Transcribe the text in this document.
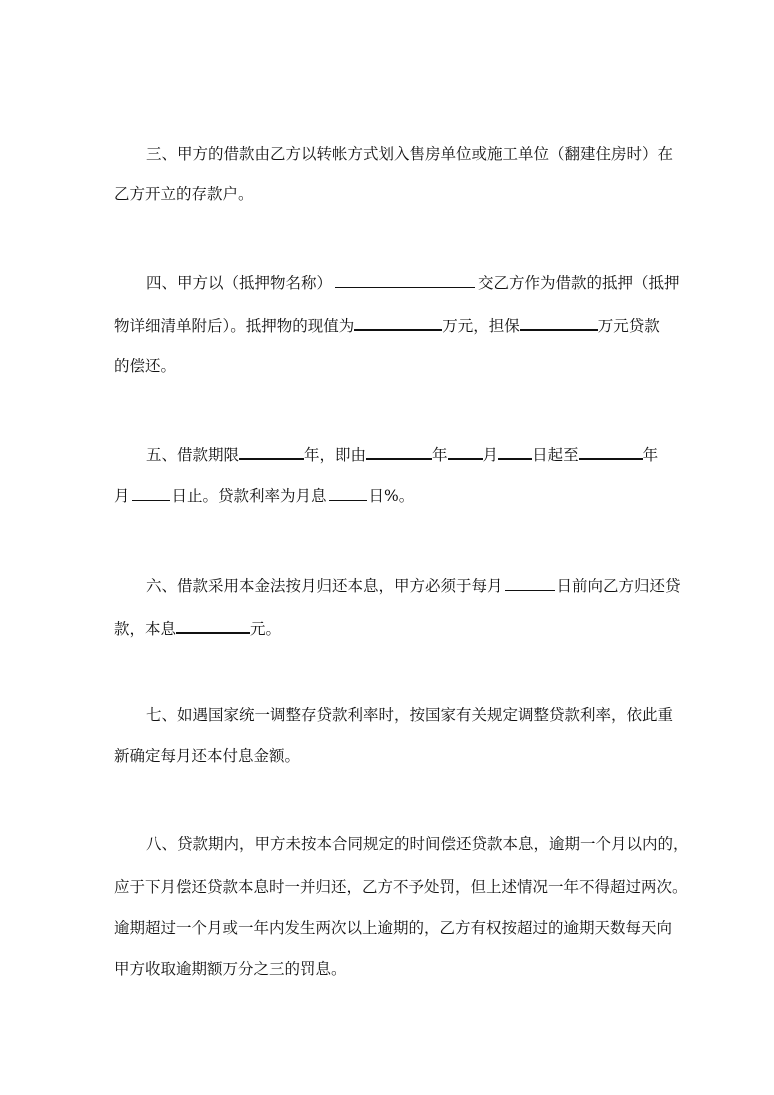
三、甲方的借款由乙方以转帐方式划入售房单位或施工单位（翻建住房时）在
乙方开立的存款户。
四、甲方以（抵押物名称）	交乙方作为借款的抵押（抵押
物详细清单附后）。抵押物的现值为	万元，担保	万元贷款
的偿还。
五、借款期限	年，即由	年 月 日起至	年
月	日止。贷款利率为月息	日%。
六、借款采用本金法按月归还本息，甲方必须于每月	日前向乙方归还贷
款，本息	元。
七、如遇国家统一调整存贷款利率时，按国家有关规定调整贷款利率，依此重
新确定每月还本付息金额。
八、贷款期内，甲方未按本合同规定的时间偿还贷款本息，逾期一个月以内的，
应于下月偿还贷款本息时一并归还，乙方不予处罚，但上述情况一年不得超过两次。
逾期超过一个月或一年内发生两次以上逾期的，乙方有权按超过的逾期天数每天向
甲方收取逾期额万分之三的罚息。
